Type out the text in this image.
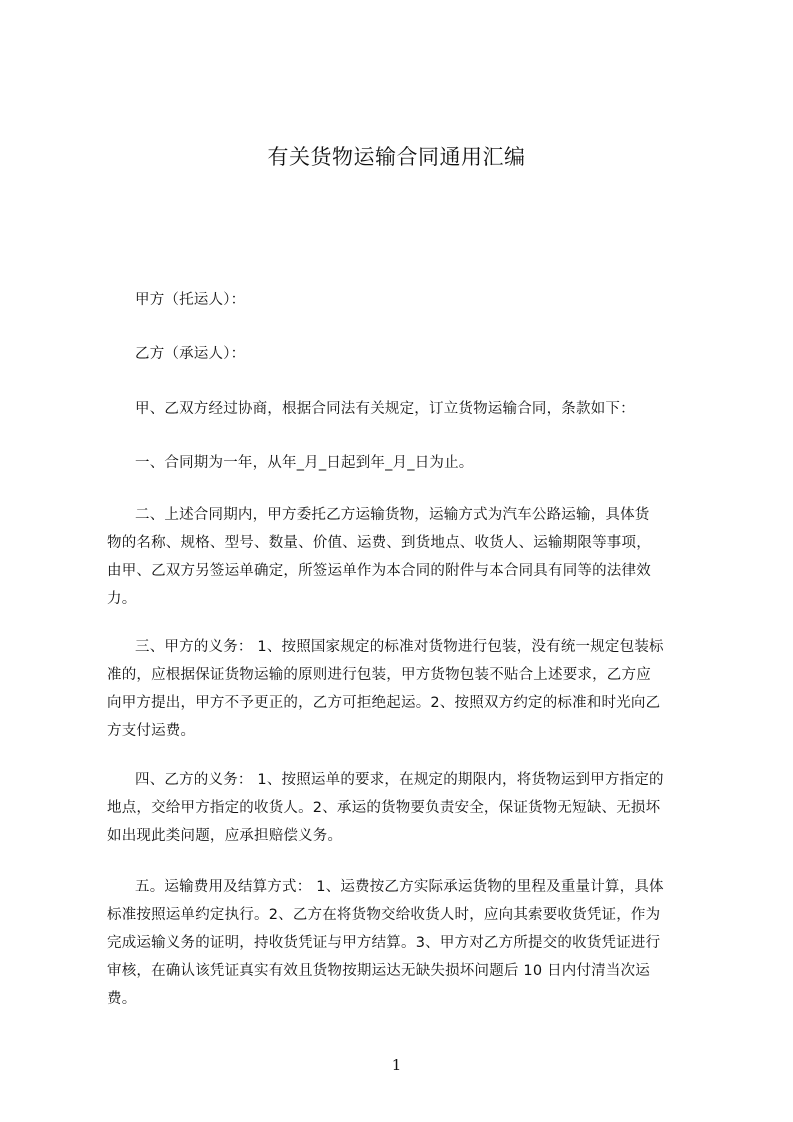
有关货物运输合同通用汇编
甲方（托运人）：
乙方（承运人）：
甲、乙双方经过协商，根据合同法有关规定，订立货物运输合同，条款如下：
一、合同期为一年，从年_月_日起到年_月_日为止。
二、上述合同期内，甲方委托乙方运输货物，运输方式为汽车公路运输，具体货
物的名称、规格、型号、数量、价值、运费、到货地点、收货人、运输期限等事项，
由甲、乙双方另签运单确定，所签运单作为本合同的附件与本合同具有同等的法律效
力。
三、甲方的义务： 1、按照国家规定的标准对货物进行包装，没有统一规定包装标
准的，应根据保证货物运输的原则进行包装，甲方货物包装不贴合上述要求，乙方应
向甲方提出，甲方不予更正的，乙方可拒绝起运。2、按照双方约定的标准和时光向乙
方支付运费。
四、乙方的义务： 1、按照运单的要求，在规定的期限内，将货物运到甲方指定的
地点，交给甲方指定的收货人。2、承运的货物要负责安全，保证货物无短缺、无损坏
如出现此类问题，应承担赔偿义务。
五。运输费用及结算方式： 1、运费按乙方实际承运货物的里程及重量计算，具体
标准按照运单约定执行。2、乙方在将货物交给收货人时，应向其索要收货凭证，作为
完成运输义务的证明，持收货凭证与甲方结算。3、甲方对乙方所提交的收货凭证进行
审核，在确认该凭证真实有效且货物按期运达无缺失损坏问题后 10 日内付清当次运
费。
1
